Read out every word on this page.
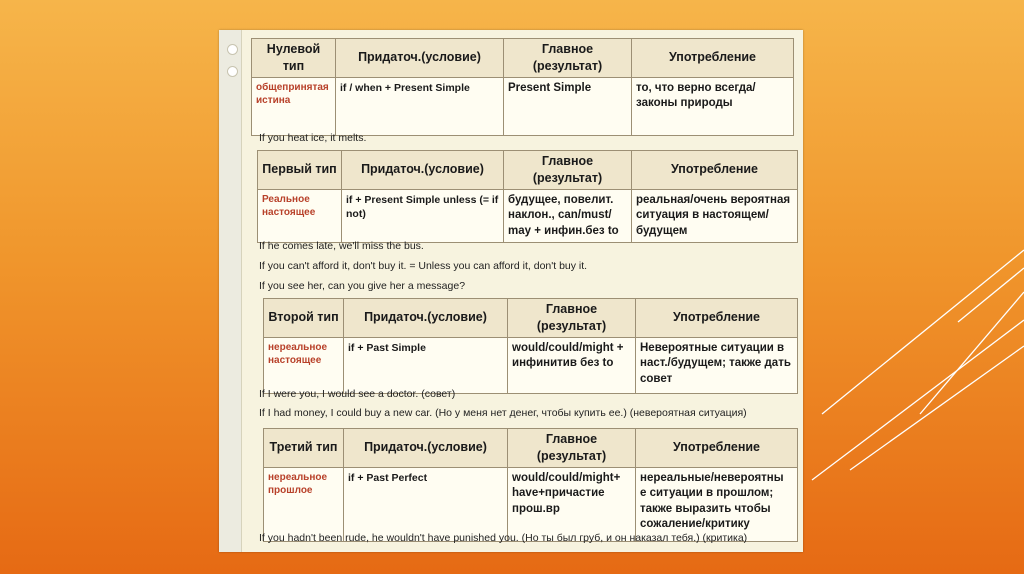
Нулевой тип	Придаточ.(условие)	Главное (результат)	Употребление
общепринятая истина	if / when + Present Simple	Present Simple	то, что верно всегда/ законы природы
If you heat ice, it melts.
Первый тип	Придаточ.(условие)	Главное (результат)	Употребление
Реальное настоящее	if + Present Simple unless (= if not)	будущее, повелит. наклон., can/must/ may + инфин.без to	реальная/очень вероятная ситуация в настоящем/будущем
If he comes late, we'll miss the bus.
If you can't afford it, don't buy it. = Unless you can afford it, don't buy it.
If you see her, can you give her a message?
Второй тип	Придаточ.(условие)	Главное (результат)	Употребление
нереальное настоящее	if + Past Simple	would/could/might + инфинитив без to	Невероятные ситуации в наст./будущем; также дать совет
If I were you, I would see a doctor. (совет)
If I had money, I could buy a new car. (Но у меня нет денег, чтобы купить ее.) (невероятная ситуация)
Третий тип	Придаточ.(условие)	Главное (результат)	Употребление
нереальное прошлое	if + Past Perfect	would/could/might+ have+причастие прош.вр	нереальные/невероятны е ситуации в прошлом; также выразить чтобы сожаление/критику
If you hadn't been rude, he wouldn't have punished you. (Но ты был груб, и он наказал тебя.) (критика)
